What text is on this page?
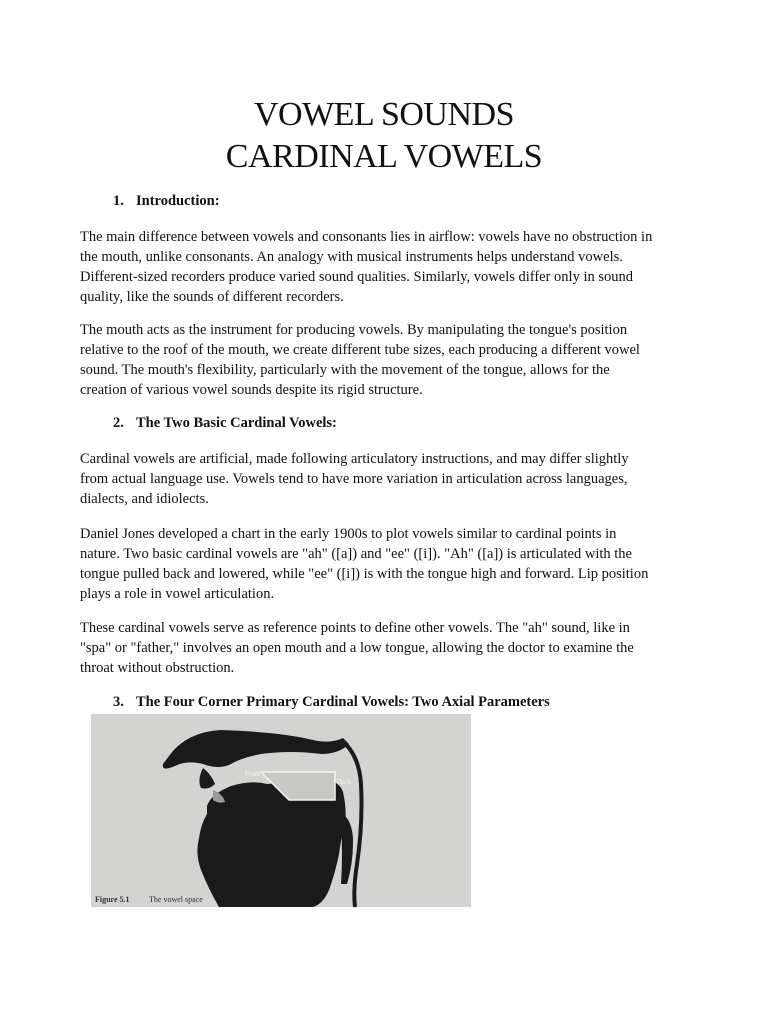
VOWEL SOUNDS
CARDINAL VOWELS
1. Introduction:

The main difference between vowels and consonants lies in airflow: vowels have no obstruction in
the mouth, unlike consonants. An analogy with musical instruments helps understand vowels.
Different-sized recorders produce varied sound qualities. Similarly, vowels differ only in sound
quality, like the sounds of different recorders.

The mouth acts as the instrument for producing vowels. By manipulating the tongue's position
relative to the roof of the mouth, we create different tube sizes, each producing a different vowel
sound. The mouth's flexibility, particularly with the movement of the tongue, allows for the
creation of various vowel sounds despite its rigid structure.

2. The Two Basic Cardinal Vowels:

Cardinal vowels are artificial, made following articulatory instructions, and may differ slightly
from actual language use. Vowels tend to have more variation in articulation across languages,
dialects, and idiolects.

Daniel Jones developed a chart in the early 1900s to plot vowels similar to cardinal points in
nature. Two basic cardinal vowels are "ah" ([a]) and "ee" ([i]). "Ah" ([a]) is articulated with the
tongue pulled back and lowered, while "ee" ([i]) is with the tongue high and forward. Lip position
plays a role in vowel articulation.

These cardinal vowels serve as reference points to define other vowels. The "ah" sound, like in
"spa" or "father," involves an open mouth and a low tongue, allowing the doctor to examine the
throat without obstruction.

3. The Four Corner Primary Cardinal Vowels: Two Axial Parameters
Front
Back
Figure 5.1 The vowel space
